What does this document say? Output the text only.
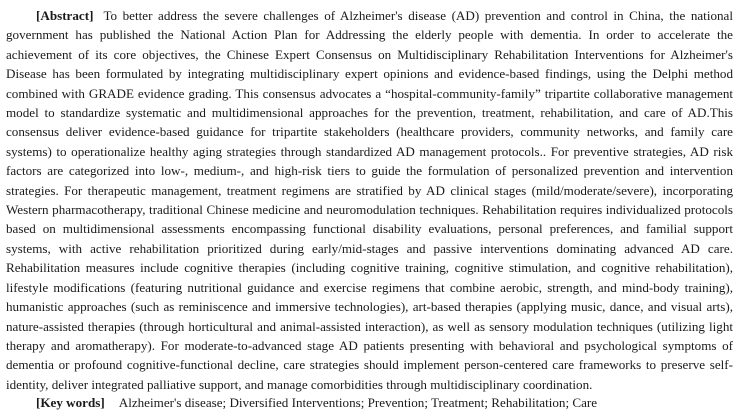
[Abstract] To better address the severe challenges of Alzheimer's disease (AD) prevention and control in China, the national government has published the National Action Plan for Addressing the elderly people with dementia. In order to accelerate the achievement of its core objectives, the Chinese Expert Consensus on Multidisciplinary Rehabilitation Interventions for Alzheimer's Disease has been formulated by integrating multidisciplinary expert opinions and evidence-based findings, using the Delphi method combined with GRADE evidence grading. This consensus advocates a “hospital-community-family” tripartite collaborative management model to standardize systematic and multidimensional approaches for the prevention, treatment, rehabilitation, and care of AD.This consensus deliver evidence-based guidance for tripartite stakeholders (healthcare providers, community networks, and family care systems) to operationalize healthy aging strategies through standardized AD management protocols.. For preventive strategies, AD risk factors are categorized into low-, medium-, and high-risk tiers to guide the formulation of personalized prevention and intervention strategies. For therapeutic management, treatment regimens are stratified by AD clinical stages (mild/moderate/severe), incorporating Western pharmacotherapy, traditional Chinese medicine and neuromodulation techniques. Rehabilitation requires individualized protocols based on multidimensional assessments encompassing functional disability evaluations, personal preferences, and familial support systems, with active rehabilitation prioritized during early/mid-stages and passive interventions dominating advanced AD care. Rehabilitation measures include cognitive therapies (including cognitive training, cognitive stimulation, and cognitive rehabilitation), lifestyle modifications (featuring nutritional guidance and exercise regimens that combine aerobic, strength, and mind-body training), humanistic approaches (such as reminiscence and immersive technologies), art-based therapies (applying music, dance, and visual arts), nature-assisted therapies (through horticultural and animal-assisted interaction), as well as sensory modulation techniques (utilizing light therapy and aromatherapy). For moderate-to-advanced stage AD patients presenting with behavioral and psychological symptoms of dementia or profound cognitive-functional decline, care strategies should implement person-centered care frameworks to preserve self-identity, deliver integrated palliative support, and manage comorbidities through multidisciplinary coordination.

[Key words] Alzheimer's disease; Diversified Interventions; Prevention; Treatment; Rehabilitation; Care
